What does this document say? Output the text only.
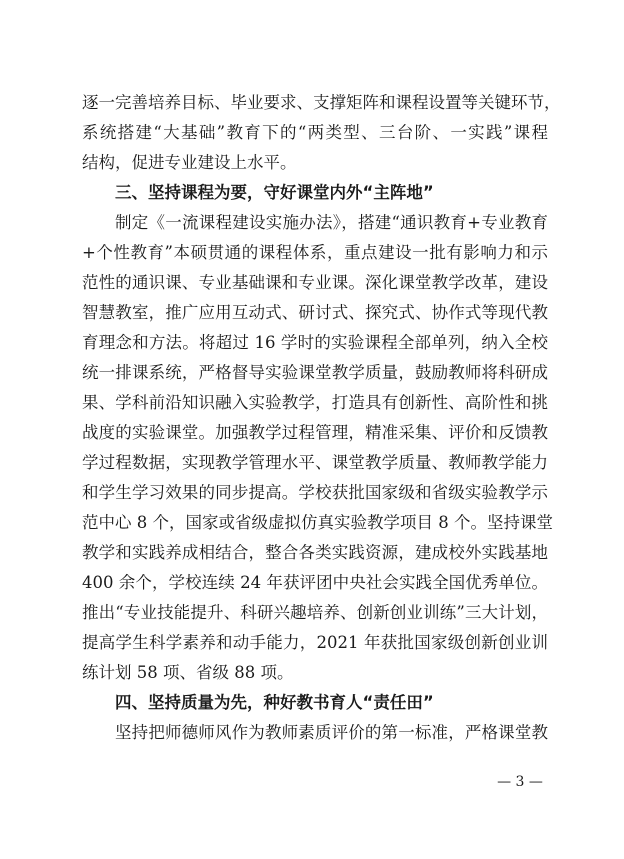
逐一完善培养目标、毕业要求、支撑矩阵和课程设置等关键环节，
系统搭建“大基础”教育下的“两类型、三台阶、一实践”课程
结构，促进专业建设上水平。
三、坚持课程为要，守好课堂内外“主阵地”
制定《一流课程建设实施办法》，搭建“通识教育+专业教育
+个性教育”本硕贯通的课程体系，重点建设一批有影响力和示
范性的通识课、专业基础课和专业课。深化课堂教学改革，建设
智慧教室，推广应用互动式、研讨式、探究式、协作式等现代教
育理念和方法。将超过 16 学时的实验课程全部单列，纳入全校
统一排课系统，严格督导实验课堂教学质量，鼓励教师将科研成
果、学科前沿知识融入实验教学，打造具有创新性、高阶性和挑
战度的实验课堂。加强教学过程管理，精准采集、评价和反馈教
学过程数据，实现教学管理水平、课堂教学质量、教师教学能力
和学生学习效果的同步提高。学校获批国家级和省级实验教学示
范中心 8 个，国家或省级虚拟仿真实验教学项目 8 个。坚持课堂
教学和实践养成相结合，整合各类实践资源，建成校外实践基地
400 余个，学校连续 24 年获评团中央社会实践全国优秀单位。
推出“专业技能提升、科研兴趣培养、创新创业训练”三大计划，
提高学生科学素养和动手能力，2021 年获批国家级创新创业训
练计划 58 项、省级 88 项。
四、坚持质量为先，种好教书育人“责任田”
坚持把师德师风作为教师素质评价的第一标准，严格课堂教
— 3 —
